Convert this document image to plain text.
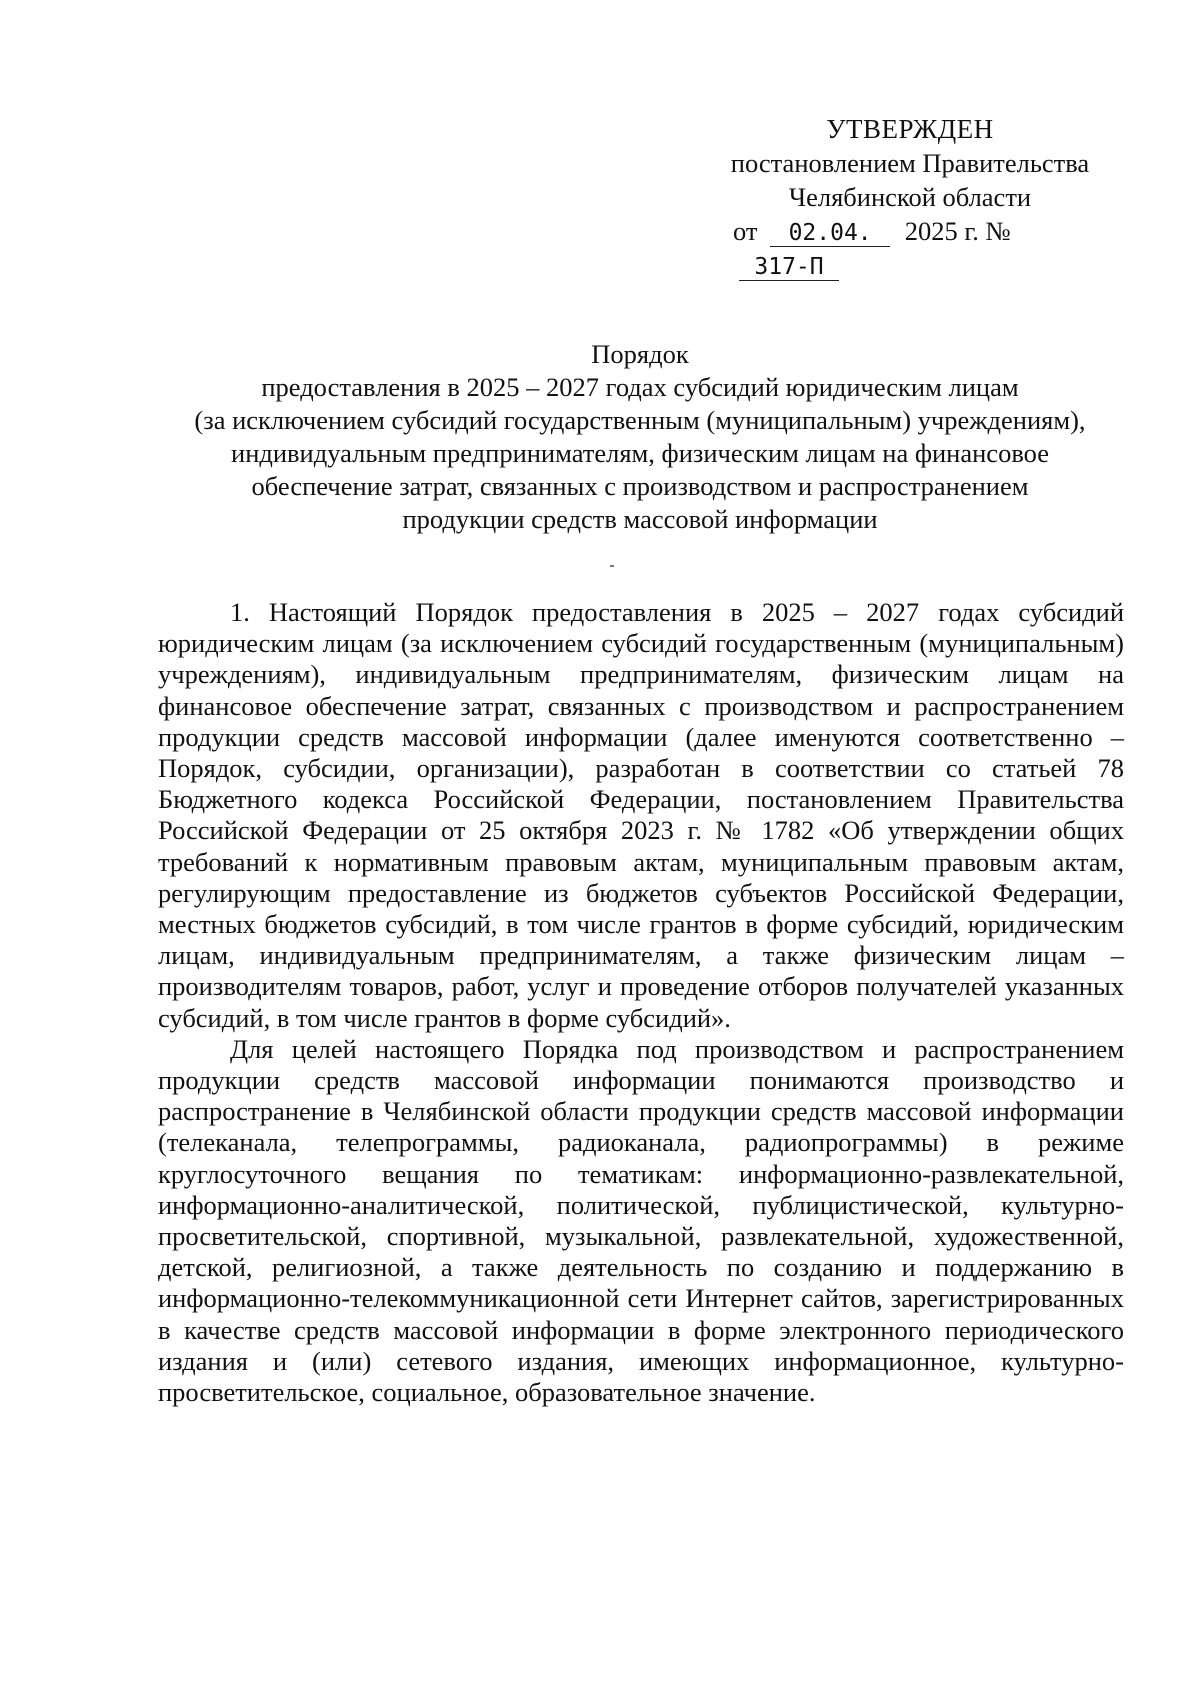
УТВЕРЖДЕН
постановлением Правительства
Челябинской области
от 02.04. 2025 г. № 317-П
Порядок
предоставления в 2025 – 2027 годах субсидий юридическим лицам
(за исключением субсидий государственным (муниципальным) учреждениям),
индивидуальным предпринимателям, физическим лицам на финансовое
обеспечение затрат, связанных с производством и распространением
продукции средств массовой информации

1. Настоящий Порядок предоставления в 2025 – 2027 годах субсидий юридическим лицам (за исключением субсидий государственным (муниципальным) учреждениям), индивидуальным предпринимателям, физическим лицам на финансовое обеспечение затрат, связанных с производством и распространением продукции средств массовой информации (далее именуются соответственно – Порядок, субсидии, организации), разработан в соответствии со статьей 78 Бюджетного кодекса Российской Федерации, постановлением Правительства Российской Федерации от 25 октября 2023 г. № 1782 «Об утверждении общих требований к нормативным правовым актам, муниципальным правовым актам, регулирующим предоставление из бюджетов субъектов Российской Федерации, местных бюджетов субсидий, в том числе грантов в форме субсидий, юридическим лицам, индивидуальным предпринимателям, а также физическим лицам – производителям товаров, работ, услуг и проведение отборов получателей указанных субсидий, в том числе грантов в форме субсидий».

Для целей настоящего Порядка под производством и распространением продукции средств массовой информации понимаются производство и распространение в Челябинской области продукции средств массовой информации (телеканала, телепрограммы, радиоканала, радиопрограммы) в режиме круглосуточного вещания по тематикам: информационно-развлекательной, информационно-аналитической, политической, публицистической, культурно-просветительской, спортивной, музыкальной, развлекательной, художественной, детской, религиозной, а также деятельность по созданию и поддержанию в информационно-телекоммуникационной сети Интернет сайтов, зарегистрированных в качестве средств массовой информации в форме электронного периодического издания и (или) сетевого издания, имеющих информационное, культурно-просветительское, социальное, образовательное значение.
